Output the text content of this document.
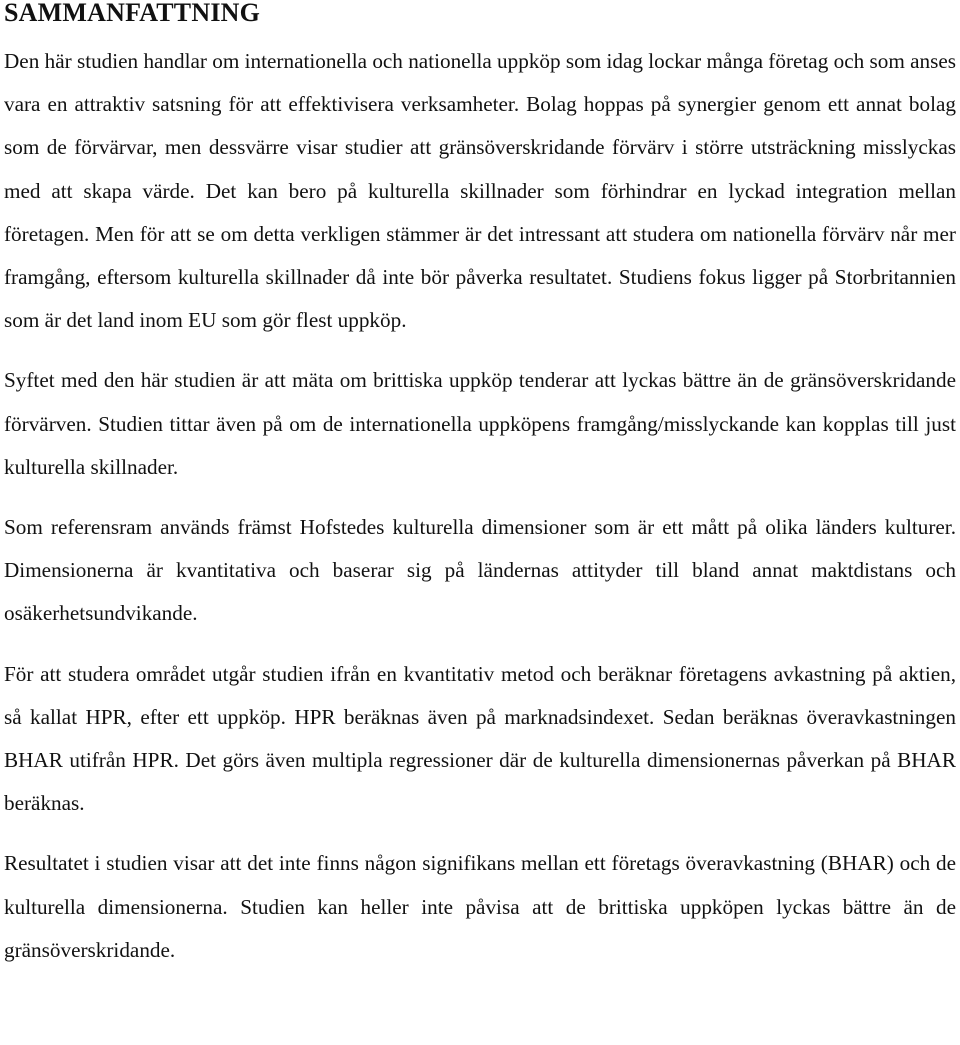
SAMMANFATTNING

Den här studien handlar om internationella och nationella uppköp som idag lockar många företag och som anses vara en attraktiv satsning för att effektivisera verksamheter. Bolag hoppas på synergier genom ett annat bolag som de förvärvar, men dessvärre visar studier att gränsöverskridande förvärv i större utsträckning misslyckas med att skapa värde. Det kan bero på kulturella skillnader som förhindrar en lyckad integration mellan företagen. Men för att se om detta verkligen stämmer är det intressant att studera om nationella förvärv når mer framgång, eftersom kulturella skillnader då inte bör påverka resultatet. Studiens fokus ligger på Storbritannien som är det land inom EU som gör flest uppköp.

Syftet med den här studien är att mäta om brittiska uppköp tenderar att lyckas bättre än de gränsöverskridande förvärven. Studien tittar även på om de internationella uppköpens framgång/misslyckande kan kopplas till just kulturella skillnader.

Som referensram används främst Hofstedes kulturella dimensioner som är ett mått på olika länders kulturer. Dimensionerna är kvantitativa och baserar sig på ländernas attityder till bland annat maktdistans och osäkerhetsundvikande.

För att studera området utgår studien ifrån en kvantitativ metod och beräknar företagens avkastning på aktien, så kallat HPR, efter ett uppköp. HPR beräknas även på marknadsindexet. Sedan beräknas överavkastningen BHAR utifrån HPR. Det görs även multipla regressioner där de kulturella dimensionernas påverkan på BHAR beräknas.

Resultatet i studien visar att det inte finns någon signifikans mellan ett företags överavkastning (BHAR) och de kulturella dimensionerna. Studien kan heller inte påvisa att de brittiska uppköpen lyckas bättre än de gränsöverskridande.
